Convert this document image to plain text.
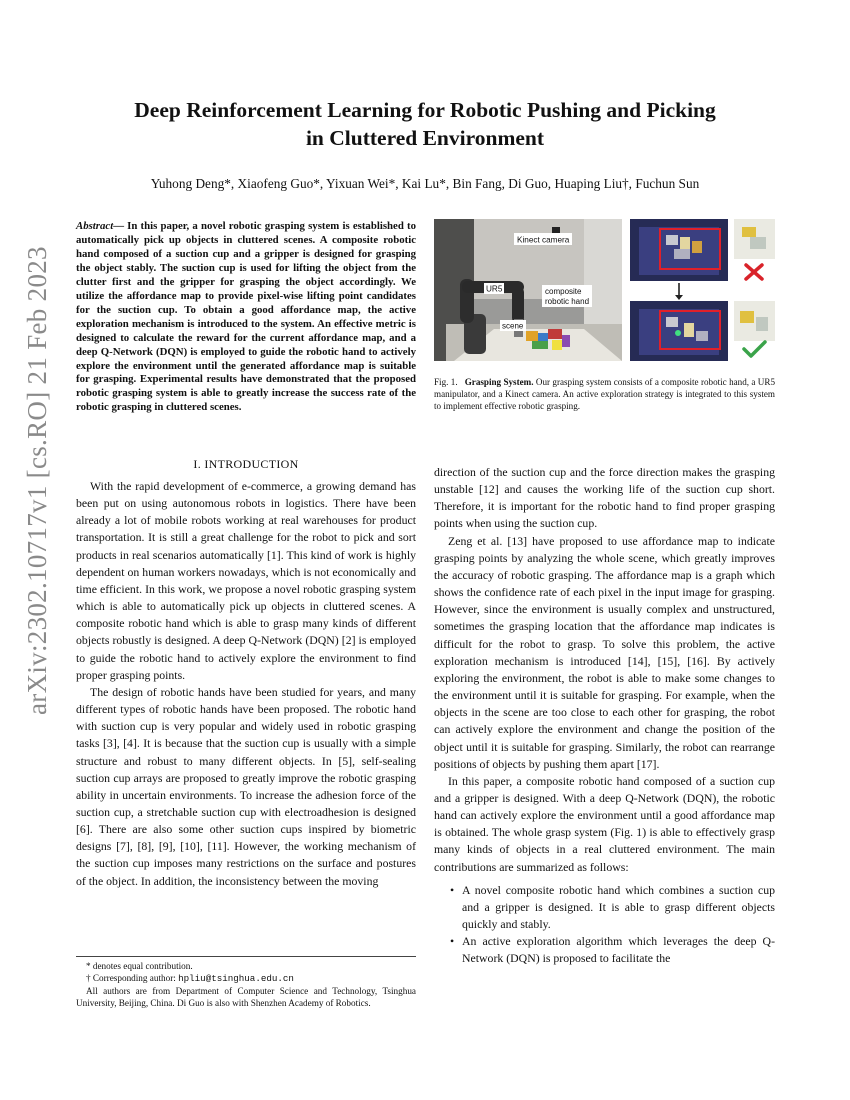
arXiv:2302.10717v1 [cs.RO] 21 Feb 2023
Deep Reinforcement Learning for Robotic Pushing and Picking
in Cluttered Environment
Yuhong Deng*, Xiaofeng Guo*, Yixuan Wei*, Kai Lu*, Bin Fang, Di Guo, Huaping Liu†, Fuchun Sun
Abstract— In this paper, a novel robotic grasping system is established to automatically pick up objects in cluttered scenes. A composite robotic hand composed of a suction cup and a gripper is designed for grasping the object stably. The suction cup is used for lifting the object from the clutter first and the gripper for grasping the object accordingly. We utilize the affordance map to provide pixel-wise lifting point candidates for the suction cup. To obtain a good affordance map, the active exploration mechanism is introduced to the system. An effective metric is designed to calculate the reward for the current affordance map, and a deep Q-Network (DQN) is employed to guide the robotic hand to actively explore the environment until the generated affordance map is suitable for grasping. Experimental results have demonstrated that the proposed robotic grasping system is able to greatly increase the success rate of the robotic grasping in cluttered scenes.
I. INTRODUCTION

With the rapid development of e-commerce, a growing demand has been put on using autonomous robots in logistics. There have been already a lot of mobile robots working at real warehouses for product transportation. It is still a great challenge for the robot to pick and sort products in real scenarios automatically [1]. This kind of work is highly dependent on human workers nowadays, which is not economically and time efficient. In this work, we propose a novel robotic grasping system which is able to automatically pick up objects in cluttered scenes. A composite robotic hand which is able to grasp many kinds of different objects robustly is designed. A deep Q-Network (DQN) [2] is employed to guide the robotic hand to actively explore the environment to find proper grasping points.

The design of robotic hands have been studied for years, and many different types of robotic hands have been proposed. The robotic hand with suction cup is very popular and widely used in robotic grasping tasks [3], [4]. It is because that the suction cup is usually with a simple structure and robust to many different objects. In [5], self-sealing suction cup arrays are proposed to greatly improve the robotic grasping ability in uncertain environments. To increase the adhesion force of the suction cup, a stretchable suction cup with electroadhesion is designed [6]. There are also some other suction cups inspired by biometric designs [7], [8], [9], [10], [11]. However, the working mechanism of the suction cup imposes many restrictions on the surface and postures of the object. In addition, the inconsistency between the moving

* denotes equal contribution.

† Corresponding author: hpliu@tsinghua.edu.cn

All authors are from Department of Computer Science and Technology, Tsinghua University, Beijing, China. Di Guo is also with Shenzhen Academy of Robotics.

Kinect camera
UR5	composite
robotic hand
scene
Fig. 1. Grasping System. Our grasping system consists of a composite robotic hand, a UR5 manipulator, and a Kinect camera. An active exploration strategy is integrated to this system to implement effective robotic grasping.
direction of the suction cup and the force direction makes the grasping unstable [12] and causes the working life of the suction cup short. Therefore, it is important for the robotic hand to find proper grasping points when using the suction cup.

Zeng et al. [13] have proposed to use affordance map to indicate grasping points by analyzing the whole scene, which greatly improves the accuracy of robotic grasping. The affordance map is a graph which shows the confidence rate of each pixel in the input image for grasping. However, since the environment is usually complex and unstructured, sometimes the grasping location that the affordance map indicates is difficult for the robot to grasp. To solve this problem, the active exploration mechanism is introduced [14], [15], [16]. By actively exploring the environment, the robot is able to make some changes to the environment until it is suitable for grasping. For example, when the objects in the scene are too close to each other for grasping, the robot can actively explore the environment and change the position of the object until it is suitable for grasping. Similarly, the robot can rearrange positions of objects by pushing them apart [17].

In this paper, a composite robotic hand composed of a suction cup and a gripper is designed. With a deep Q-Network (DQN), the robotic hand can actively explore the environment until a good affordance map is obtained. The whole grasp system (Fig. 1) is able to effectively grasp many kinds of objects in a real cluttered environment. The main contributions are summarized as follows:

• A novel composite robotic hand which combines a suction cup and a gripper is designed. It is able to grasp different objects quickly and stably.
• An active exploration algorithm which leverages the deep Q-Network (DQN) is proposed to facilitate the
